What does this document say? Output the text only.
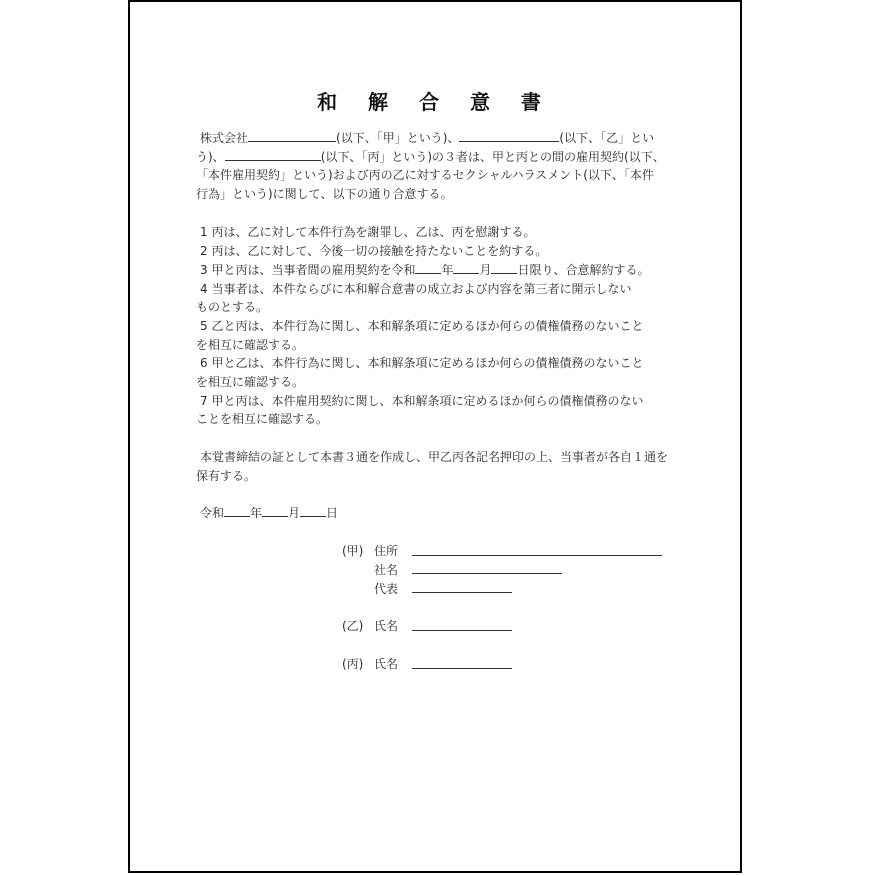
和 解 合 意 書
株式会社	(以下、「甲」という)、	(以下、「乙」とい
う)、	(以下、「丙」という)の３者は、甲と丙との間の雇用契約(以下、
「本件雇用契約」という)および丙の乙に対するセクシャルハラスメント(以下、「本件
行為」という)に関して、以下の通り合意する。
1 丙は、乙に対して本件行為を謝罪し、乙は、丙を慰謝する。
2 丙は、乙に対して、今後一切の接触を持たないことを約する。
3 甲と丙は、当事者間の雇用契約を令和 年 月 日限り、合意解約する。
4 当事者は、本件ならびに本和解合意書の成立および内容を第三者に開示しない
ものとする。
5 乙と丙は、本件行為に関し、本和解条項に定めるほか何らの債権債務のないこと
を相互に確認する。
6 甲と乙は、本件行為に関し、本和解条項に定めるほか何らの債権債務のないこと
を相互に確認する。
7 甲と丙は、本件雇用契約に関し、本和解条項に定めるほか何らの債権債務のない
ことを相互に確認する。
本覚書締結の証として本書３通を作成し、甲乙丙各記名押印の上、当事者が各自１通を
保有する。
令和 年 月 日
(甲) 住所
社名
代表
(乙) 氏名
(丙) 氏名
